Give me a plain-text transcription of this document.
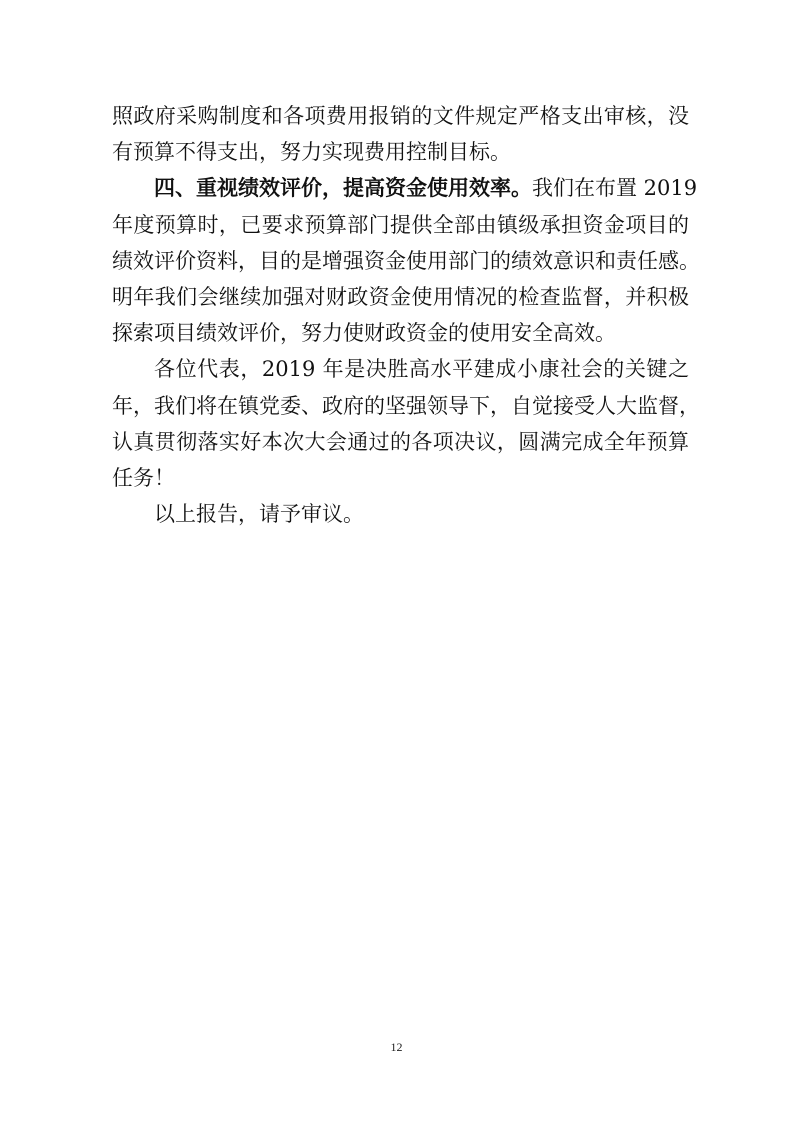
照政府采购制度和各项费用报销的文件规定严格支出审核，没
有预算不得支出，努力实现费用控制目标。
四、重视绩效评价，提高资金使用效率。我们在布置 2019
年度预算时，已要求预算部门提供全部由镇级承担资金项目的
绩效评价资料，目的是增强资金使用部门的绩效意识和责任感。
明年我们会继续加强对财政资金使用情况的检查监督，并积极
探索项目绩效评价，努力使财政资金的使用安全高效。
各位代表，2019 年是决胜高水平建成小康社会的关键之
年，我们将在镇党委、政府的坚强领导下，自觉接受人大监督，
认真贯彻落实好本次大会通过的各项决议，圆满完成全年预算
任务！
以上报告，请予审议。
12
